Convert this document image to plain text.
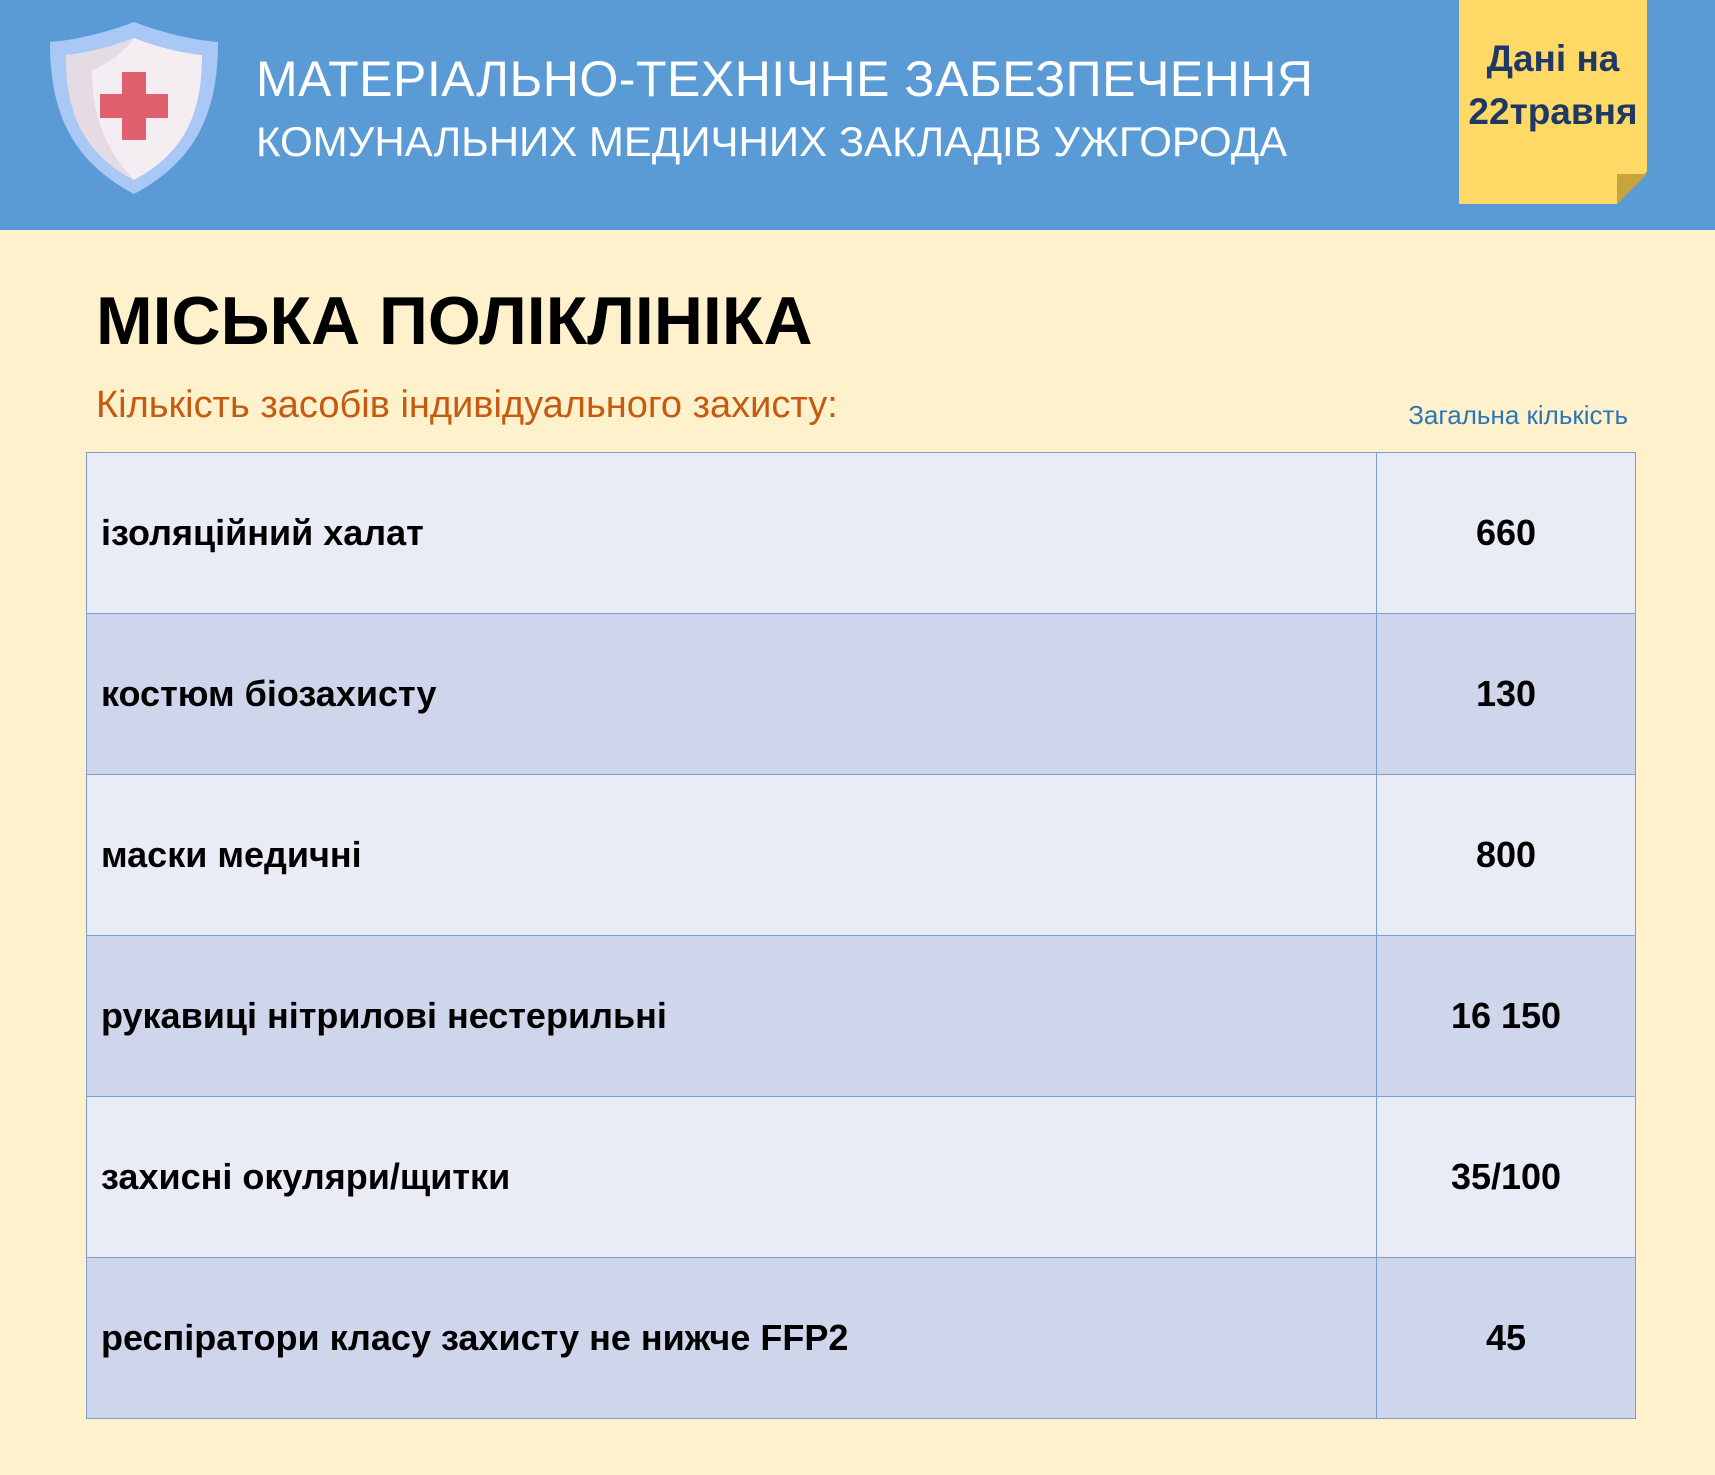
МАТЕРІАЛЬНО-ТЕХНІЧНЕ ЗАБЕЗПЕЧЕННЯ
КОМУНАЛЬНИХ МЕДИЧНИХ ЗАКЛАДІВ УЖГОРОДА
Дані на
22травня
МІСЬКА ПОЛІКЛІНІКА
Кількість засобів індивідуального захисту:	Загальна кількість
ізоляційний халат	660
костюм біозахисту	130
маски медичні	800
рукавиці нітрилові нестерильні	16 150
захисні окуляри/щитки	35/100
респіратори класу захисту не нижче FFP2	45
